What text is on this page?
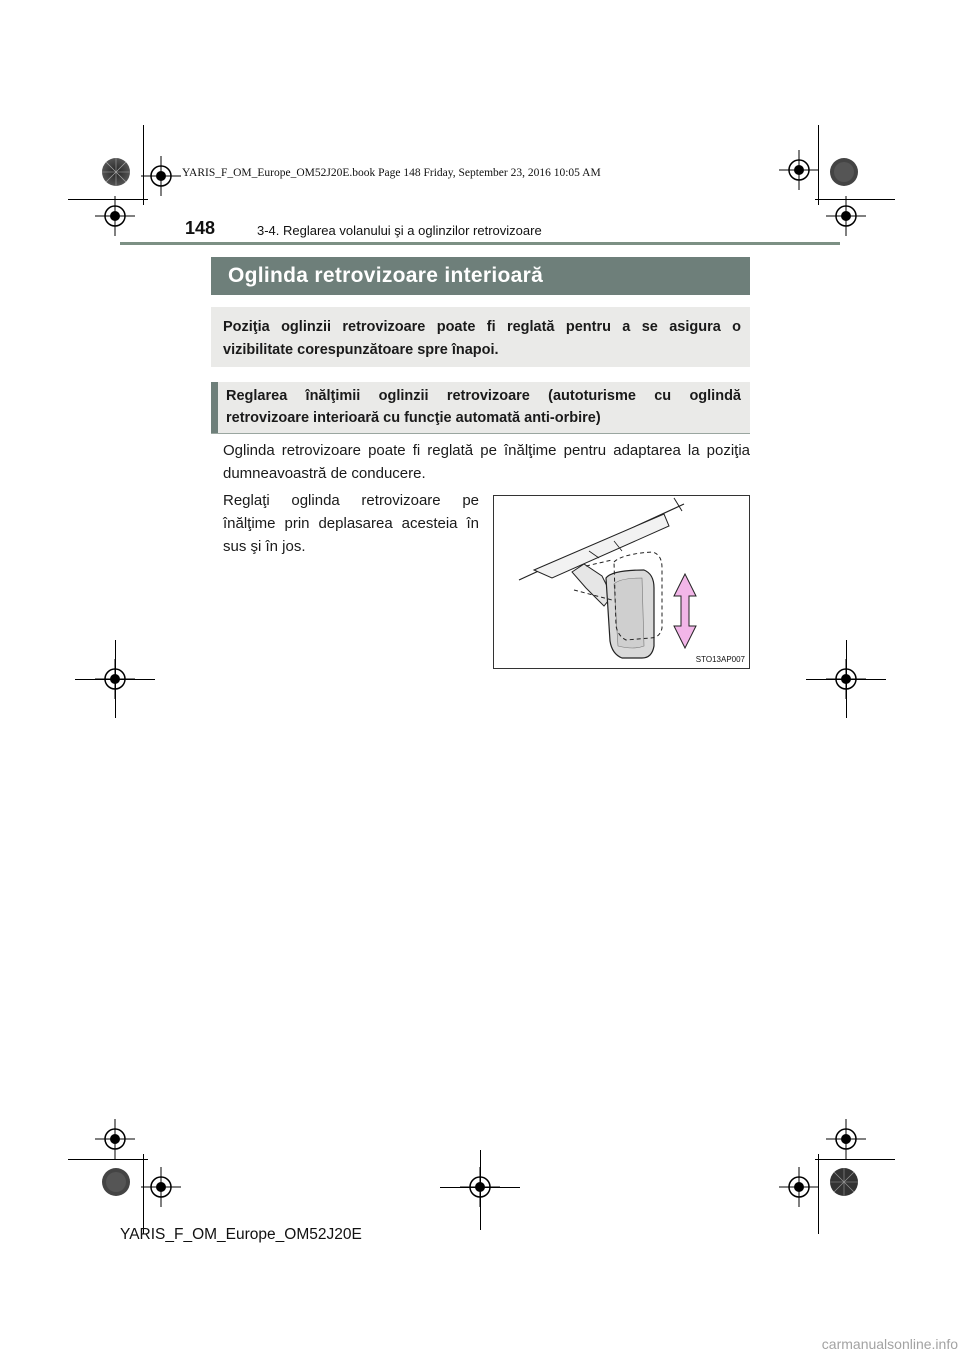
YARIS_F_OM_Europe_OM52J20E.book Page 148 Friday, September 23, 2016 10:05 AM
148	3-4. Reglarea volanului şi a oglinzilor retrovizoare
Oglinda retrovizoare interioară
Poziţia oglinzii retrovizoare poate fi reglată pentru a se asigura o vizibilitate corespunzătoare spre înapoi.
Reglarea înălţimii oglinzii retrovizoare (autoturisme cu oglindă retrovizoare interioară cu funcţie automată anti-orbire)
Oglinda retrovizoare poate fi reglată pe înălţime pentru adaptarea la poziţia dumneavoastră de conducere.
Reglaţi oglinda retrovizoare pe înălţime prin deplasarea acesteia în sus şi în jos.
STO13AP007
YARIS_F_OM_Europe_OM52J20E
carmanualsonline.info
